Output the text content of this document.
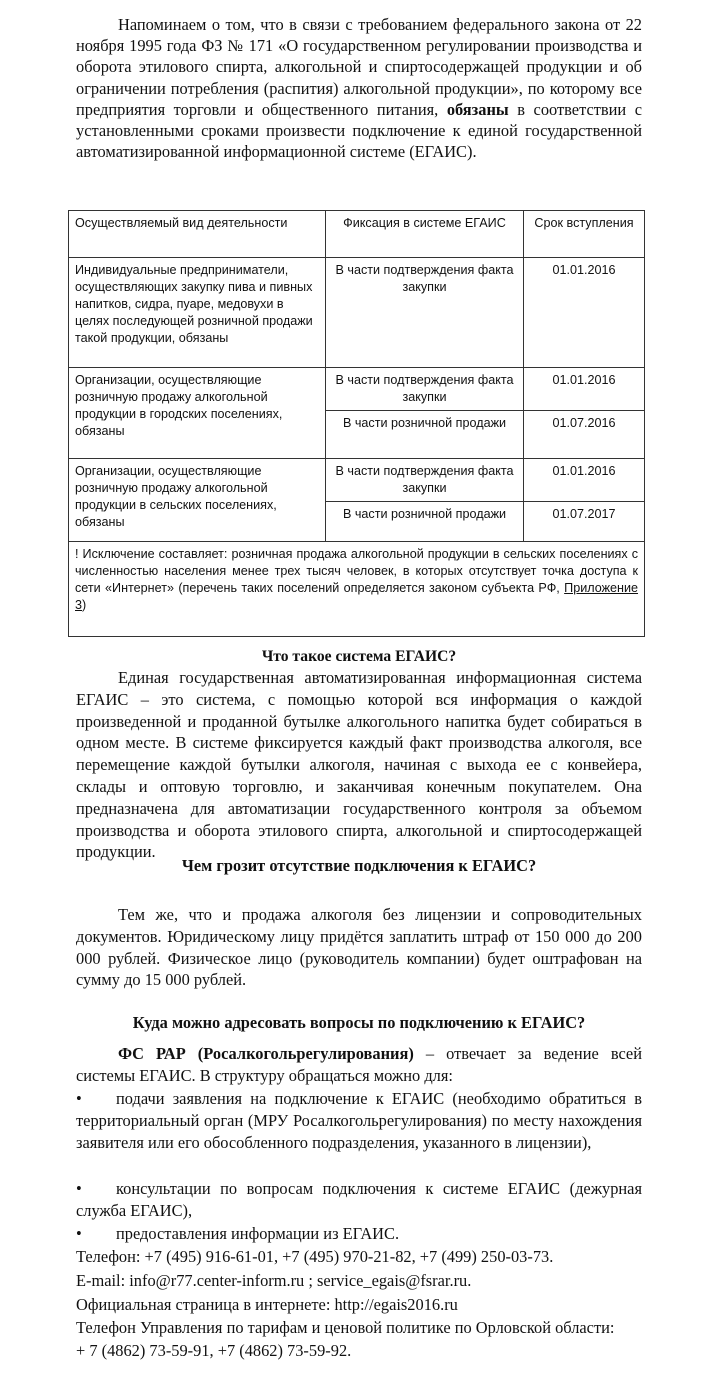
Напоминаем о том, что в связи с требованием федерального закона от 22 ноября 1995 года ФЗ № 171 «О государственном регулировании производства и оборота этилового спирта, алкогольной и спиртосодержащей продукции и об ограничении потребления (распития) алкогольной продукции», по которому все предприятия торговли и общественного питания, обязаны в соответствии с установленными сроками произвести подключение к единой государственной автоматизированной информационной системе (ЕГАИС).
Осуществляемый вид деятельности	Фиксация в системе ЕГАИС	Срок вступления
Индивидуальные предприниматели, осуществляющих закупку пива и пивных напитков, сидра, пуаре, медовухи в целях последующей розничной продажи такой продукции, обязаны	В части подтверждения факта закупки	01.01.2016
Организации, осуществляющие розничную продажу алкогольной продукции в городских поселениях, обязаны	В части подтверждения факта закупки	01.01.2016
	В части розничной продажи	01.07.2016
Организации, осуществляющие розничную продажу алкогольной продукции в сельских поселениях, обязаны	В части подтверждения факта закупки	01.01.2016
	В части розничной продажи	01.07.2017
! Исключение составляет: розничная продажа алкогольной продукции в сельских поселениях с численностью населения менее трех тысяч человек, в которых отсутствует точка доступа к сети «Интернет» (перечень таких поселений определяется законом субъекта РФ, Приложение 3)		
Что такое система ЕГАИС?
Единая государственная автоматизированная информационная система ЕГАИС – это система, с помощью которой вся информация о каждой произведенной и проданной бутылке алкогольного напитка будет собираться в одном месте. В системе фиксируется каждый факт производства алкоголя, все перемещение каждой бутылки алкоголя, начиная с выхода ее с конвейера, склады и оптовую торговлю, и заканчивая конечным покупателем. Она предназначена для автоматизации государственного контроля за объемом производства и оборота этилового спирта, алкогольной и спиртосодержащей продукции.
Чем грозит отсутствие подключения к ЕГАИС?
Тем же, что и продажа алкоголя без лицензии и сопроводительных документов. Юридическому лицу придётся заплатить штраф от 150 000 до 200 000 рублей. Физическое лицо (руководитель компании) будет оштрафован на сумму до 15 000 рублей.
Куда можно адресовать вопросы по подключению к ЕГАИС?
ФС РАР (Росалкогольрегулирования) – отвечает за ведение всей системы ЕГАИС. В структуру обращаться можно для:
• подачи заявления на подключение к ЕГАИС (необходимо обратиться в территориальный орган (МРУ Росалкогольрегулирования) по месту нахождения заявителя или его обособленного подразделения, указанного в лицензии),
• консультации по вопросам подключения к системе ЕГАИС (дежурная служба ЕГАИС),
• предоставления информации из ЕГАИС.
Телефон: +7 (495) 916-61-01, +7 (495) 970-21-82, +7 (499) 250-03-73.
E-mail: info@r77.center-inform.ru ; service_egais@fsrar.ru.
Официальная страница в интернете: http://egais2016.ru
Телефон Управления по тарифам и ценовой политике по Орловской области:
+ 7 (4862) 73-59-91, +7 (4862) 73-59-92.
